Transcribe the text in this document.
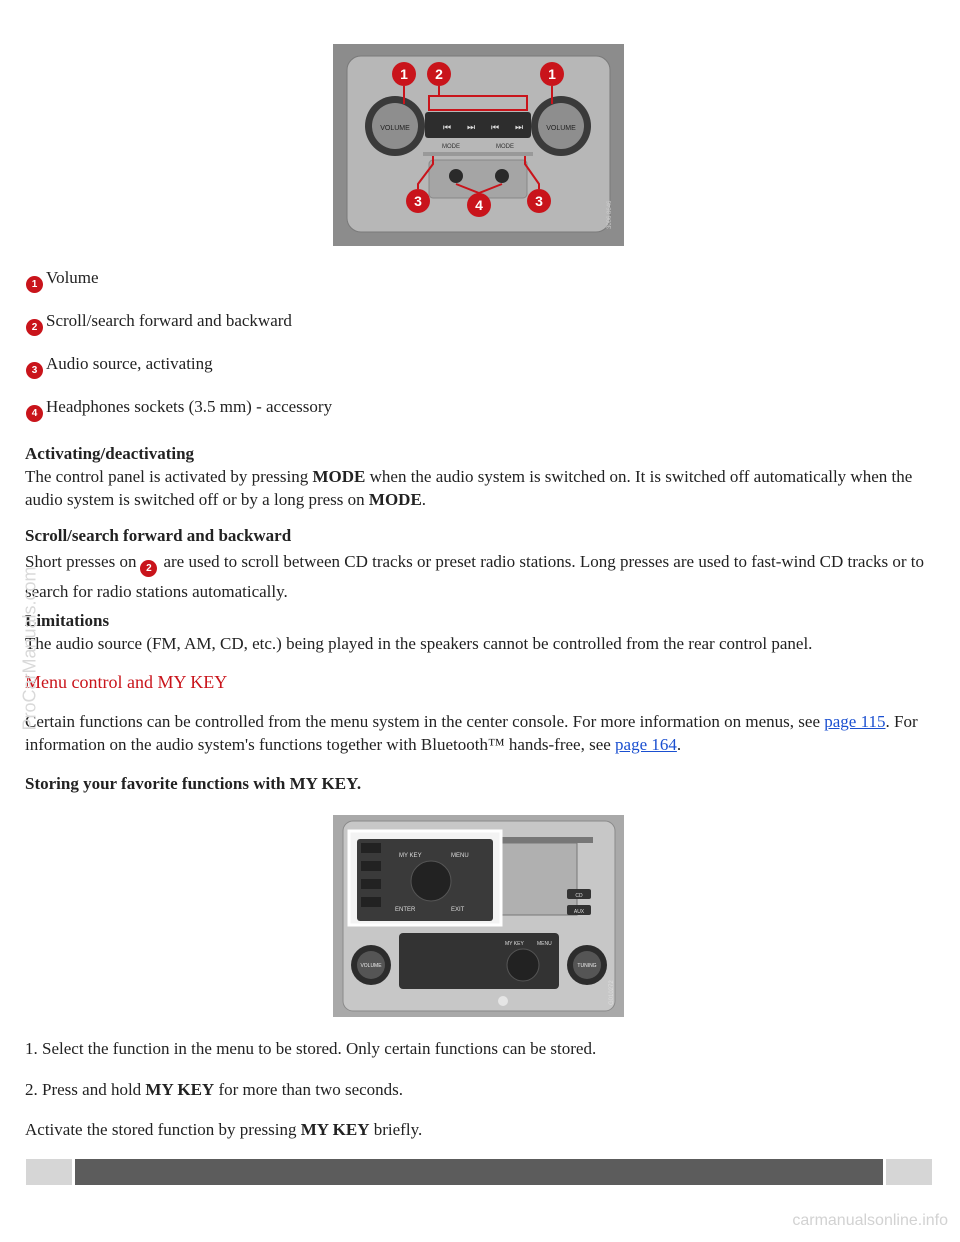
VOLUME	VOLUME
⏮ ⏭ ⏮ ⏭
MODE	MODE
1 2	1
3	4	3	3006 8646
1 Volume
2 Scroll/search forward and backward
3 Audio source, activating
4 Headphones sockets (3.5 mm) - accessory
Activating/deactivating
The control panel is activated by pressing MODE when the audio system is switched on. It is switched off automatically when the audio system is switched off or by a long press on MODE.
Scroll/search forward and backward
Short presses on 2 are used to scroll between CD tracks or preset radio stations. Long presses are used to fast-wind CD tracks or to search for radio stations automatically.
Limitations
The audio source (FM, AM, CD, etc.) being played in the speakers cannot be controlled from the rear control panel.
Menu control and MY KEY
Certain functions can be controlled from the menu system in the center console. For more information on menus, see page 115. For information on the audio system's functions together with Bluetooth™ hands-free, see page 164.
Storing your favorite functions with MY KEY.
CD
AUX
MY KEY	MENU
ENTER	EXIT
VOLUME	TUNING
MY KEY	MENU
G010272

1. Select the function in the menu to be stored. Only certain functions can be stored.

2. Press and hold MY KEY for more than two seconds.

Activate the stored function by pressing MY KEY briefly.

ProCarManuals.com
carmanualsonline.info
